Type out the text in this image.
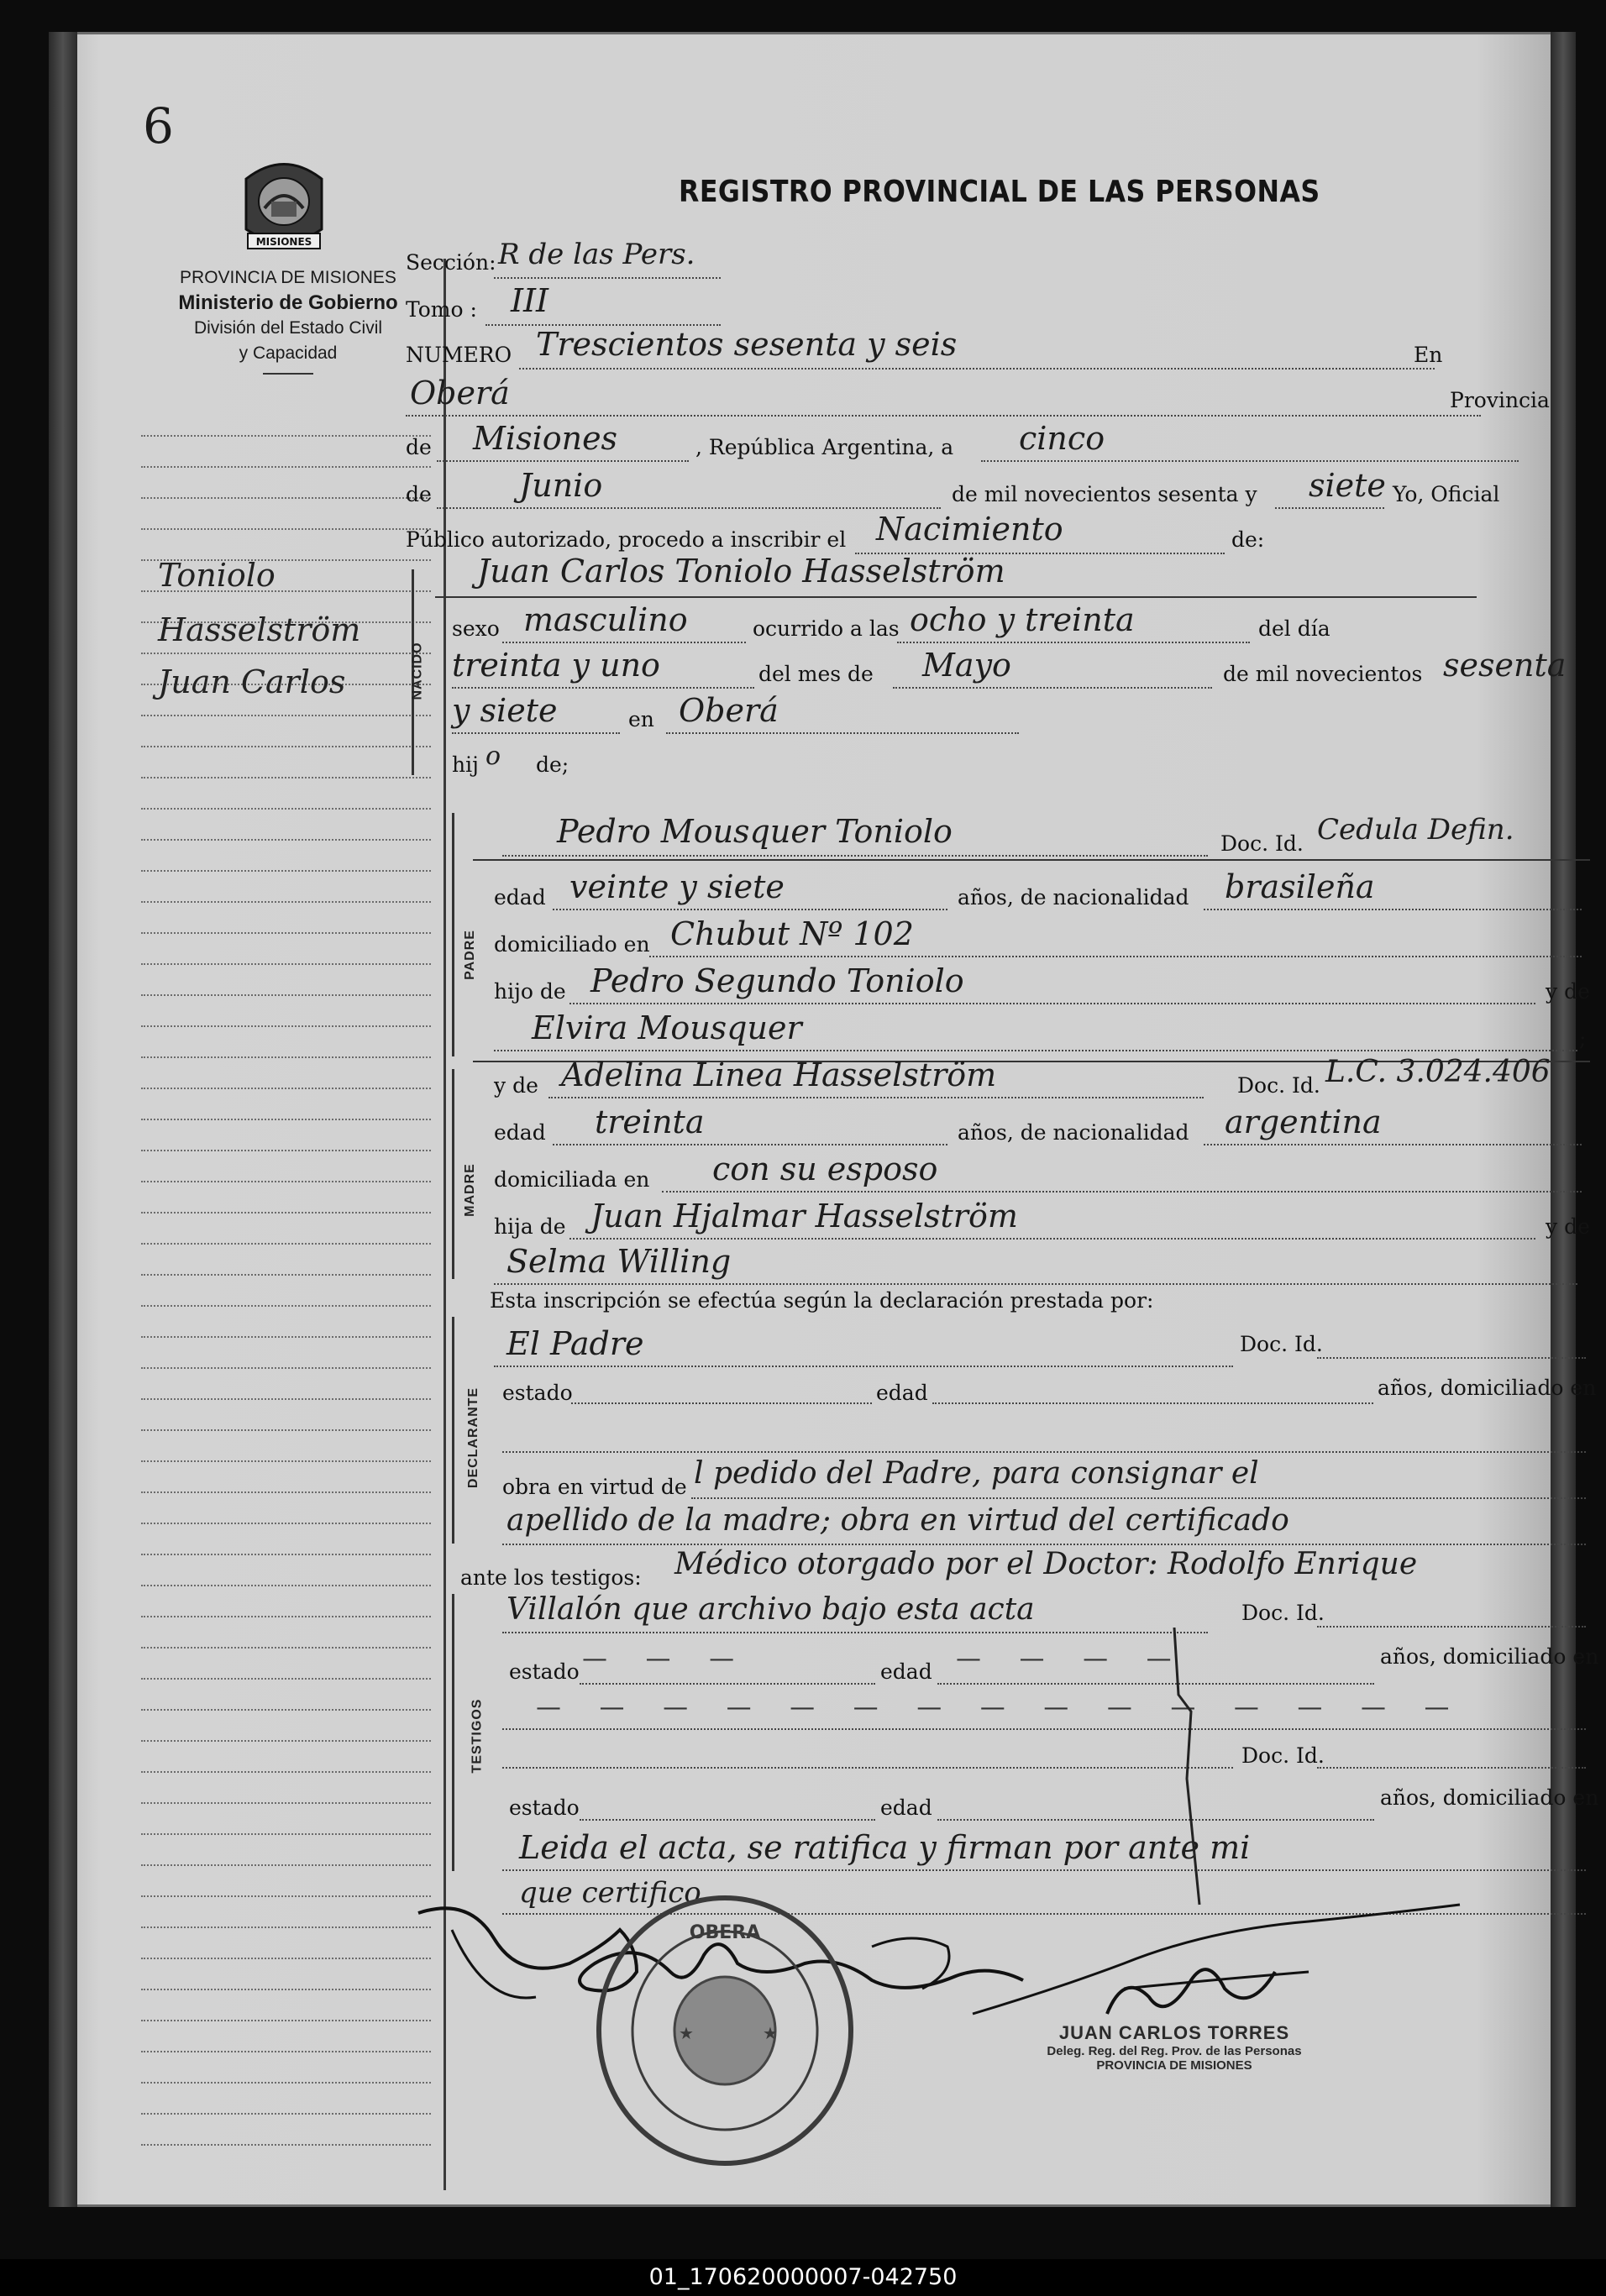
6
MISIONES
PROVINCIA DE MISIONES
Ministerio de Gobierno
División del Estado Civil
y Capacidad
REGISTRO PROVINCIAL DE LAS PERSONAS
Toniolo
Hasselström
Juan Carlos
Sección: R de las Pers.
Tomo : III
NUMERO Trescientos sesenta y seis	En
Oberá	Provincia
de Misiones	, República Argentina, a cinco
de	Junio	de mil novecientos sesenta y siete Yo, Oficial
Público autorizado, procedo a inscribir el Nacimiento	de:
NACIDO
Juan Carlos Toniolo Hasselström
sexo masculino	ocurrido a las ocho y treinta	del día
treinta y uno	del mes de Mayo	de mil novecientos sesenta
y siete	en Oberá
hij o de;
PADRE
Pedro Mousquer Toniolo	Doc. Id. Cedula Defin.
edad veinte y siete	años, de nacionalidad brasileña
domiciliado en Chubut Nº 102
hijo de Pedro Segundo Toniolo	y de
Elvira Mousquer	;
MADRE
y de Adelina Linea Hasselström	Doc. Id. L.C. 3.024.406
edad treinta	años, de nacionalidad argentina
domiciliada en con su esposo
hija de Juan Hjalmar Hasselström	y de
Selma Willing
Esta inscripción se efectúa según la declaración prestada por:
DECLARANTE
El Padre	Doc. Id.
estado	edad	años, domiciliado en
obra en virtud de l pedido del Padre, para consignar el
apellido de la madre; obra en virtud del certificado
ante los testigos: Médico otorgado por el Doctor: Rodolfo Enrique
TESTIGOS
Villalón que archivo bajo esta acta	Doc. Id.
estado — — —	edad — — — —	años, domiciliado en
— — — — — — — — — — — — — — —
Doc. Id.
estado	edad	años, domiciliado en
Leida el acta, se ratifica y firman por ante mi
que certifico
OBERA
★	★	JUAN CARLOS TORRES
Deleg. Reg. del Reg. Prov. de las Personas
PROVINCIA DE MISIONES
01_170620000007-042750
